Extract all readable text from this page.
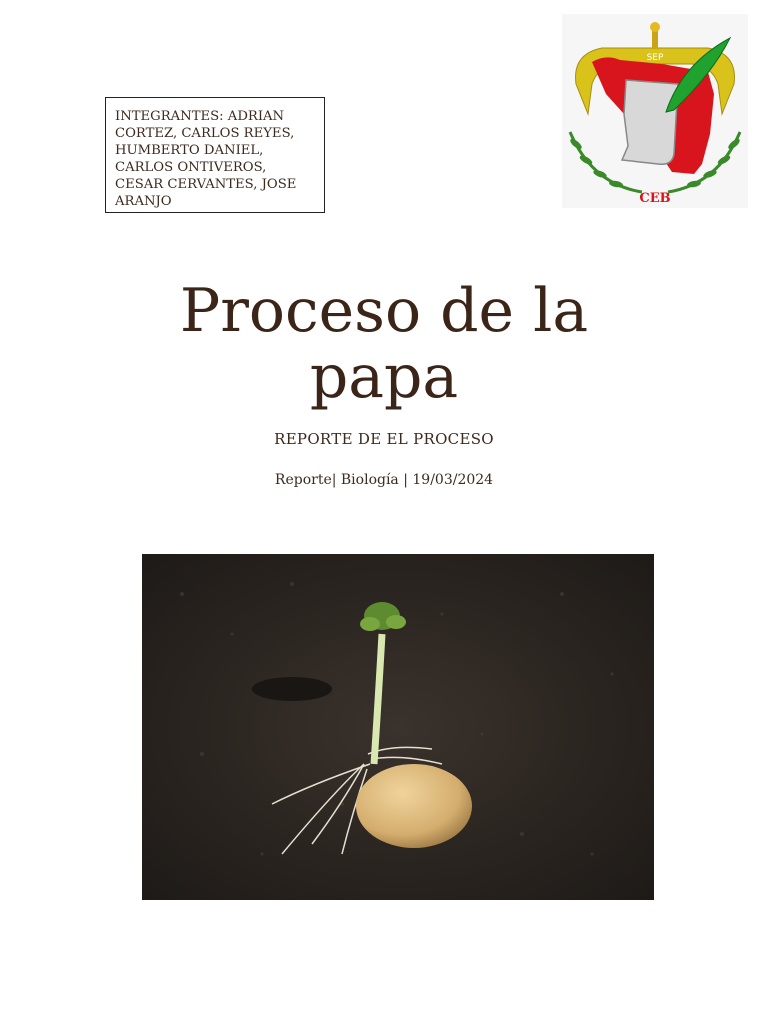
INTEGRANTES: ADRIAN CORTEZ, CARLOS REYES, HUMBERTO DANIEL, CARLOS ONTIVEROS, CESAR CERVANTES, JOSE ARANJO
SEP
CEB
Proceso de la
papa
REPORTE DE EL PROCESO
Reporte| Biología | 19/03/2024
